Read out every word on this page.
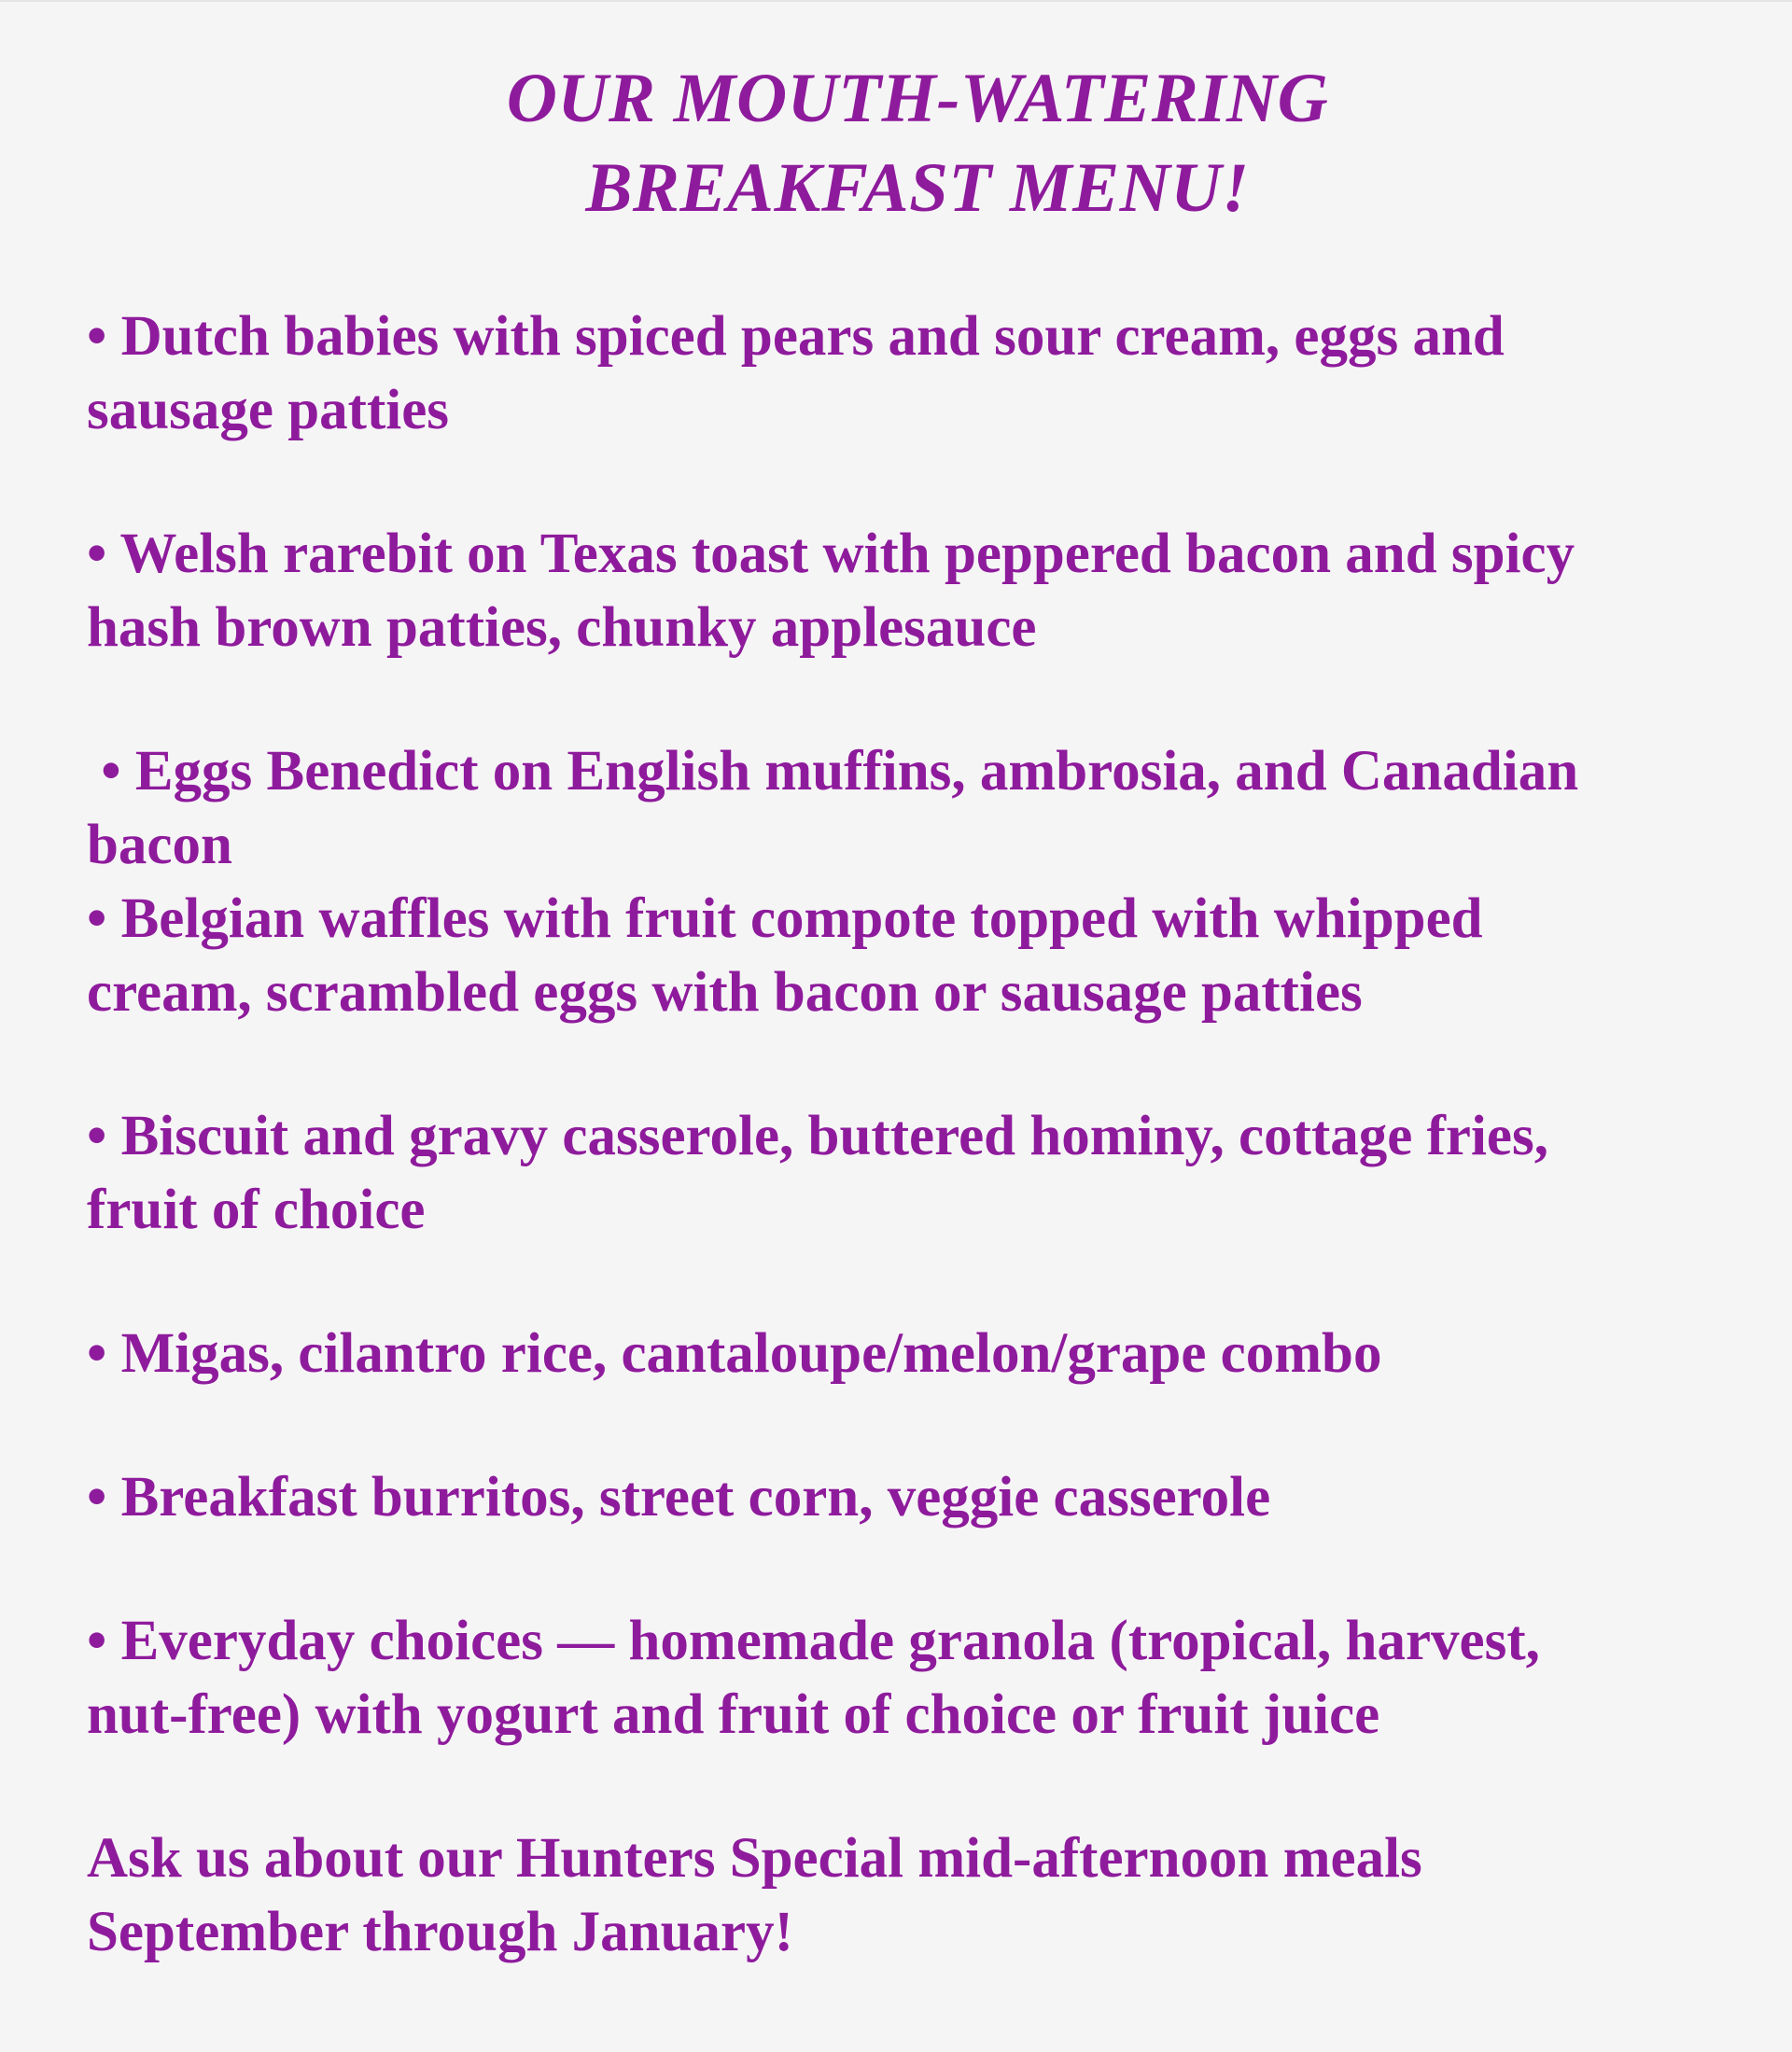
OUR MOUTH-WATERING
BREAKFAST MENU!

• Dutch babies with spiced pears and sour cream, eggs and
sausage patties

• Welsh rarebit on Texas toast with peppered bacon and spicy
hash brown patties, chunky applesauce

• Eggs Benedict on English muffins, ambrosia, and Canadian
bacon

• Belgian waffles with fruit compote topped with whipped
cream, scrambled eggs with bacon or sausage patties

• Biscuit and gravy casserole, buttered hominy, cottage fries,
fruit of choice

• Migas, cilantro rice, cantaloupe/melon/grape combo

• Breakfast burritos, street corn, veggie casserole

• Everyday choices — homemade granola (tropical, harvest,
nut-free) with yogurt and fruit of choice or fruit juice

Ask us about our Hunters Special mid-afternoon meals
September through January!
